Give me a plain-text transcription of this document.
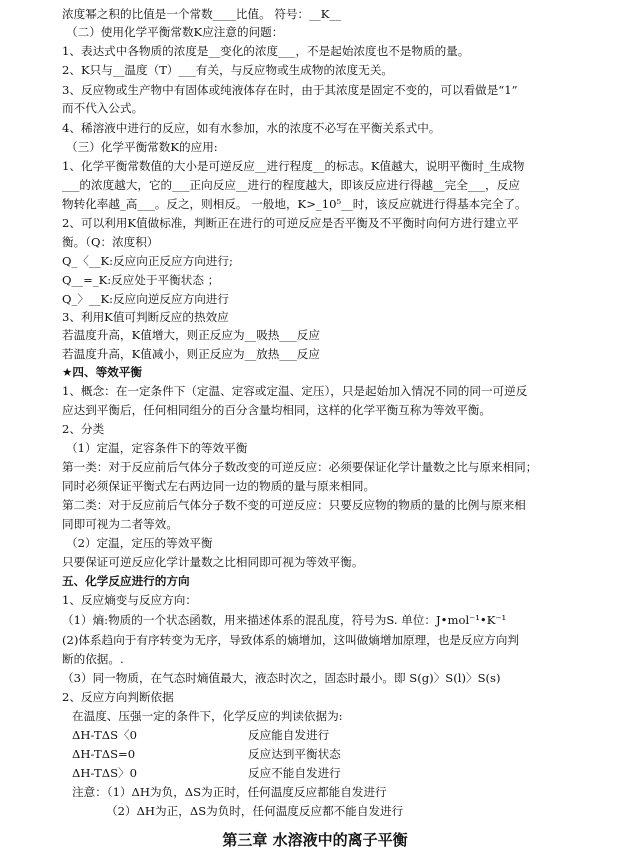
浓度幂之积的比值是一个常数____比值。 符号：__K__
（二）使用化学平衡常数K应注意的问题：
1、表达式中各物质的浓度是__变化的浓度___，不是起始浓度也不是物质的量。
2、K只与__温度（T）___有关，与反应物或生成物的浓度无关。
3、反应物或生产物中有固体或纯液体存在时，由于其浓度是固定不变的，可以看做是“1”
而不代入公式。
4、稀溶液中进行的反应，如有水参加，水的浓度不必写在平衡关系式中。
（三）化学平衡常数K的应用:
1、化学平衡常数值的大小是可逆反应__进行程度__的标志。K值越大，说明平衡时_生成物
___的浓度越大，它的___正向反应__进行的程度越大，即该反应进行得越__完全___，反应
物转化率越_高___。反之，则相反。 一般地，K>_10⁵__时，该反应就进行得基本完全了。
2、可以利用K值做标准，判断正在进行的可逆反应是否平衡及不平衡时向何方进行建立平
衡。（Q：浓度积）
Q_〈__K:反应向正反应方向进行;
Q__=_K:反应处于平衡状态 ；
Q_〉__K:反应向逆反应方向进行
3、利用K值可判断反应的热效应
若温度升高，K值增大，则正反应为__吸热___反应
若温度升高，K值减小，则正反应为__放热___反应
★四、等效平衡
1、概念：在一定条件下（定温、定容或定温、定压），只是起始加入情况不同的同一可逆反
应达到平衡后，任何相同组分的百分含量均相同，这样的化学平衡互称为等效平衡。
2、分类
（1）定温，定容条件下的等效平衡
第一类：对于反应前后气体分子数改变的可逆反应：必须要保证化学计量数之比与原来相同；
同时必须保证平衡式左右两边同一边的物质的量与原来相同。
第二类：对于反应前后气体分子数不变的可逆反应：只要反应物的物质的量的比例与原来相
同即可视为二者等效。
（2）定温，定压的等效平衡
只要保证可逆反应化学计量数之比相同即可视为等效平衡。
五、化学反应进行的方向
1、反应熵变与反应方向：
（1）熵:物质的一个状态函数，用来描述体系的混乱度，符号为S. 单位：J•mol⁻¹•K⁻¹
(2)体系趋向于有序转变为无序，导致体系的熵增加，这叫做熵增加原理，也是反应方向判
断的依据。.
（3）同一物质，在气态时熵值最大，液态时次之，固态时最小。即 S(g)〉S(l)〉S(s)
2、反应方向判断依据
在温度、压强一定的条件下，化学反应的判读依据为:
ΔH-TΔS〈0	反应能自发进行
ΔH-TΔS=0	反应达到平衡状态
ΔH-TΔS〉0	反应不能自发进行
注意：（1）ΔH为负，ΔS为正时，任何温度反应都能自发进行
（2）ΔH为正，ΔS为负时，任何温度反应都不能自发进行
第三章 水溶液中的离子平衡
